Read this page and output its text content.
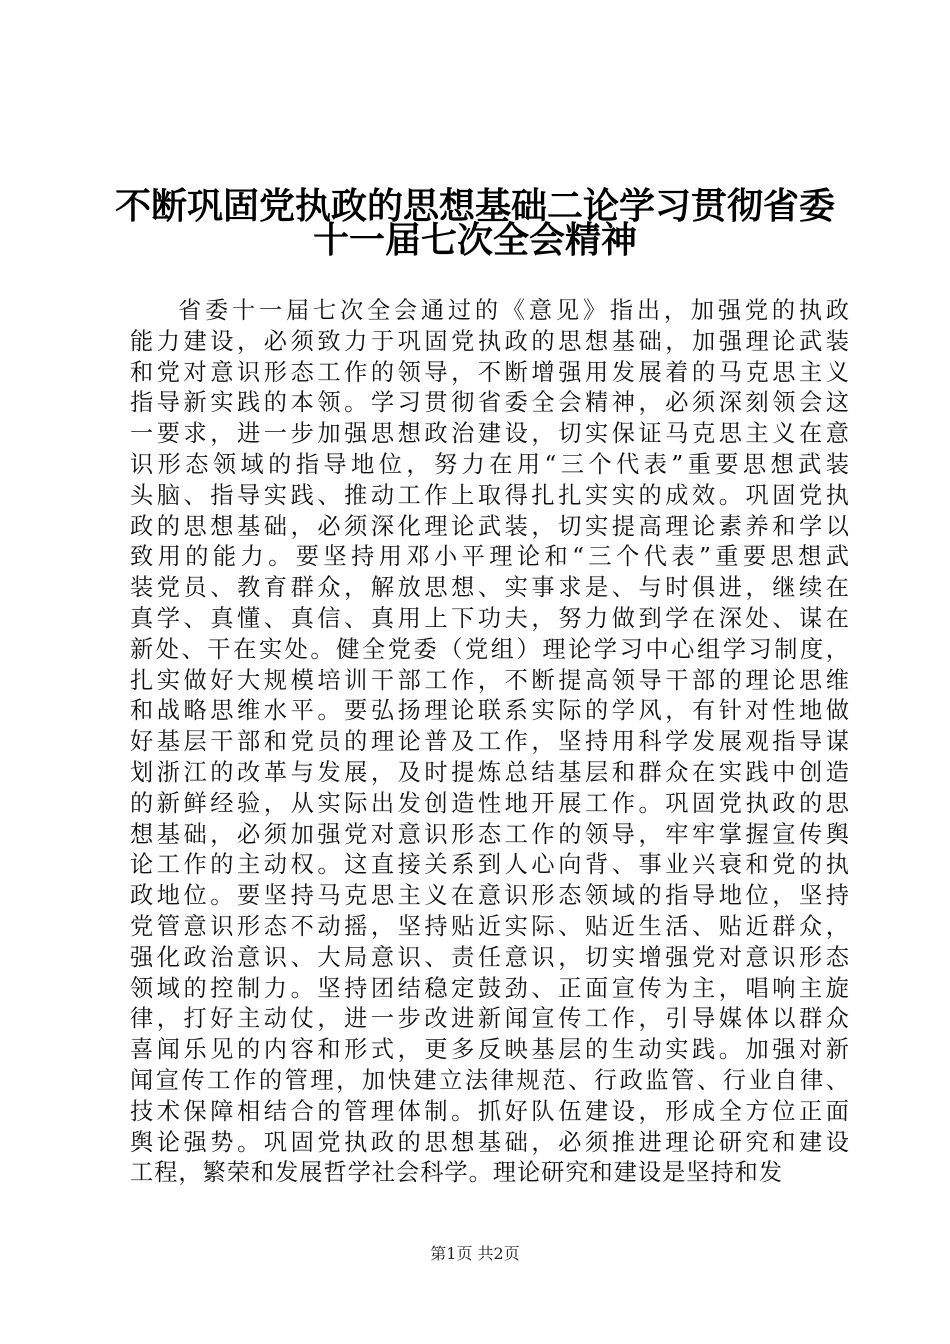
不断巩固党执政的思想基础二论学习贯彻省委
十一届七次全会精神
省委十一届七次全会通过的《意见》指出，加强党的执政
能力建设，必须致力于巩固党执政的思想基础，加强理论武装
和党对意识形态工作的领导，不断增强用发展着的马克思主义
指导新实践的本领。学习贯彻省委全会精神，必须深刻领会这
一要求，进一步加强思想政治建设，切实保证马克思主义在意
识形态领域的指导地位，努力在用“三个代表”重要思想武装
头脑、指导实践、推动工作上取得扎扎实实的成效。巩固党执
政的思想基础，必须深化理论武装，切实提高理论素养和学以
致用的能力。要坚持用邓小平理论和“三个代表”重要思想武
装党员、教育群众，解放思想、实事求是、与时俱进，继续在
真学、真懂、真信、真用上下功夫，努力做到学在深处、谋在
新处、干在实处。健全党委（党组）理论学习中心组学习制度，
扎实做好大规模培训干部工作，不断提高领导干部的理论思维
和战略思维水平。要弘扬理论联系实际的学风，有针对性地做
好基层干部和党员的理论普及工作，坚持用科学发展观指导谋
划浙江的改革与发展，及时提炼总结基层和群众在实践中创造
的新鲜经验，从实际出发创造性地开展工作。巩固党执政的思
想基础，必须加强党对意识形态工作的领导，牢牢掌握宣传舆
论工作的主动权。这直接关系到人心向背、事业兴衰和党的执
政地位。要坚持马克思主义在意识形态领域的指导地位，坚持
党管意识形态不动摇，坚持贴近实际、贴近生活、贴近群众，
强化政治意识、大局意识、责任意识，切实增强党对意识形态
领域的控制力。坚持团结稳定鼓劲、正面宣传为主，唱响主旋
律，打好主动仗，进一步改进新闻宣传工作，引导媒体以群众
喜闻乐见的内容和形式，更多反映基层的生动实践。加强对新
闻宣传工作的管理，加快建立法律规范、行政监管、行业自律、
技术保障相结合的管理体制。抓好队伍建设，形成全方位正面
舆论强势。巩固党执政的思想基础，必须推进理论研究和建设
工程，繁荣和发展哲学社会科学。理论研究和建设是坚持和发
第1页 共2页
